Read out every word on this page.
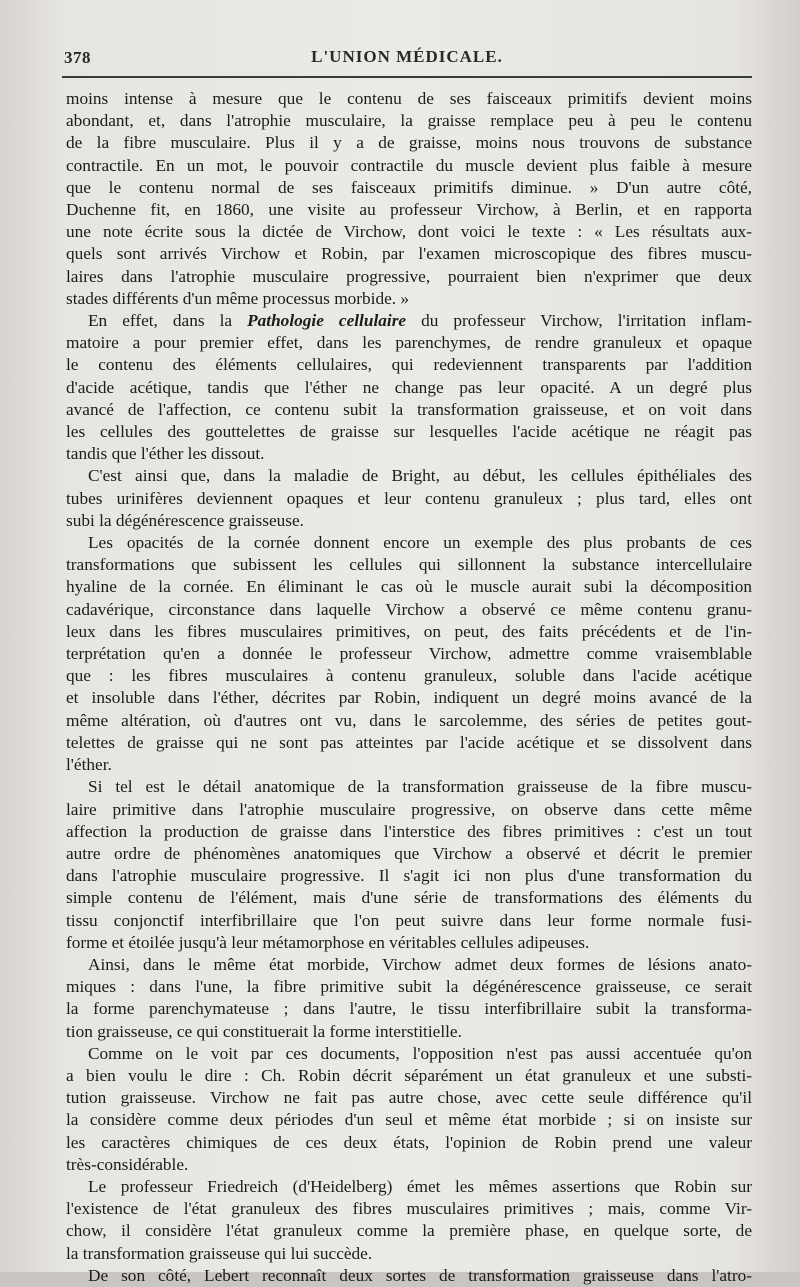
378	L'UNION MÉDICALE.
moins intense à mesure que le contenu de ses faisceaux primitifs devient moins
abondant, et, dans l'atrophie musculaire, la graisse remplace peu à peu le contenu
de la fibre musculaire. Plus il y a de graisse, moins nous trouvons de substance
contractile. En un mot, le pouvoir contractile du muscle devient plus faible à mesure
que le contenu normal de ses faisceaux primitifs diminue. » D'un autre côté,
Duchenne fit, en 1860, une visite au professeur Virchow, à Berlin, et en rapporta
une note écrite sous la dictée de Virchow, dont voici le texte : « Les résultats aux-
quels sont arrivés Virchow et Robin, par l'examen microscopique des fibres muscu-
laires dans l'atrophie musculaire progressive, pourraient bien n'exprimer que deux
stades différents d'un même processus morbide. »
En effet, dans la Pathologie cellulaire du professeur Virchow, l'irritation inflam-
matoire a pour premier effet, dans les parenchymes, de rendre granuleux et opaque
le contenu des éléments cellulaires, qui redeviennent transparents par l'addition
d'acide acétique, tandis que l'éther ne change pas leur opacité. A un degré plus
avancé de l'affection, ce contenu subit la transformation graisseuse, et on voit dans
les cellules des gouttelettes de graisse sur lesquelles l'acide acétique ne réagit pas
tandis que l'éther les dissout.
C'est ainsi que, dans la maladie de Bright, au début, les cellules épithéliales des
tubes urinifères deviennent opaques et leur contenu granuleux ; plus tard, elles ont
subi la dégénérescence graisseuse.
Les opacités de la cornée donnent encore un exemple des plus probants de ces
transformations que subissent les cellules qui sillonnent la substance intercellulaire
hyaline de la cornée. En éliminant le cas où le muscle aurait subi la décomposition
cadavérique, circonstance dans laquelle Virchow a observé ce même contenu granu-
leux dans les fibres musculaires primitives, on peut, des faits précédents et de l'in-
terprétation qu'en a donnée le professeur Virchow, admettre comme vraisemblable
que : les fibres musculaires à contenu granuleux, soluble dans l'acide acétique
et insoluble dans l'éther, décrites par Robin, indiquent un degré moins avancé de la
même altération, où d'autres ont vu, dans le sarcolemme, des séries de petites gout-
telettes de graisse qui ne sont pas atteintes par l'acide acétique et se dissolvent dans
l'éther.
Si tel est le détail anatomique de la transformation graisseuse de la fibre muscu-
laire primitive dans l'atrophie musculaire progressive, on observe dans cette même
affection la production de graisse dans l'interstice des fibres primitives : c'est un tout
autre ordre de phénomènes anatomiques que Virchow a observé et décrit le premier
dans l'atrophie musculaire progressive. Il s'agit ici non plus d'une transformation du
simple contenu de l'élément, mais d'une série de transformations des éléments du
tissu conjonctif interfibrillaire que l'on peut suivre dans leur forme normale fusi-
forme et étoilée jusqu'à leur métamorphose en véritables cellules adipeuses.
Ainsi, dans le même état morbide, Virchow admet deux formes de lésions anato-
miques : dans l'une, la fibre primitive subit la dégénérescence graisseuse, ce serait
la forme parenchymateuse ; dans l'autre, le tissu interfibrillaire subit la transforma-
tion graisseuse, ce qui constituerait la forme interstitielle.
Comme on le voit par ces documents, l'opposition n'est pas aussi accentuée qu'on
a bien voulu le dire : Ch. Robin décrit séparément un état granuleux et une substi-
tution graisseuse. Virchow ne fait pas autre chose, avec cette seule différence qu'il
la considère comme deux périodes d'un seul et même état morbide ; si on insiste sur
les caractères chimiques de ces deux états, l'opinion de Robin prend une valeur
très-considérable.
Le professeur Friedreich (d'Heidelberg) émet les mêmes assertions que Robin sur
l'existence de l'état granuleux des fibres musculaires primitives ; mais, comme Vir-
chow, il considère l'état granuleux comme la première phase, en quelque sorte, de
la transformation graisseuse qui lui succède.
De son côté, Lebert reconnaît deux sortes de transformation graisseuse dans l'atro-
